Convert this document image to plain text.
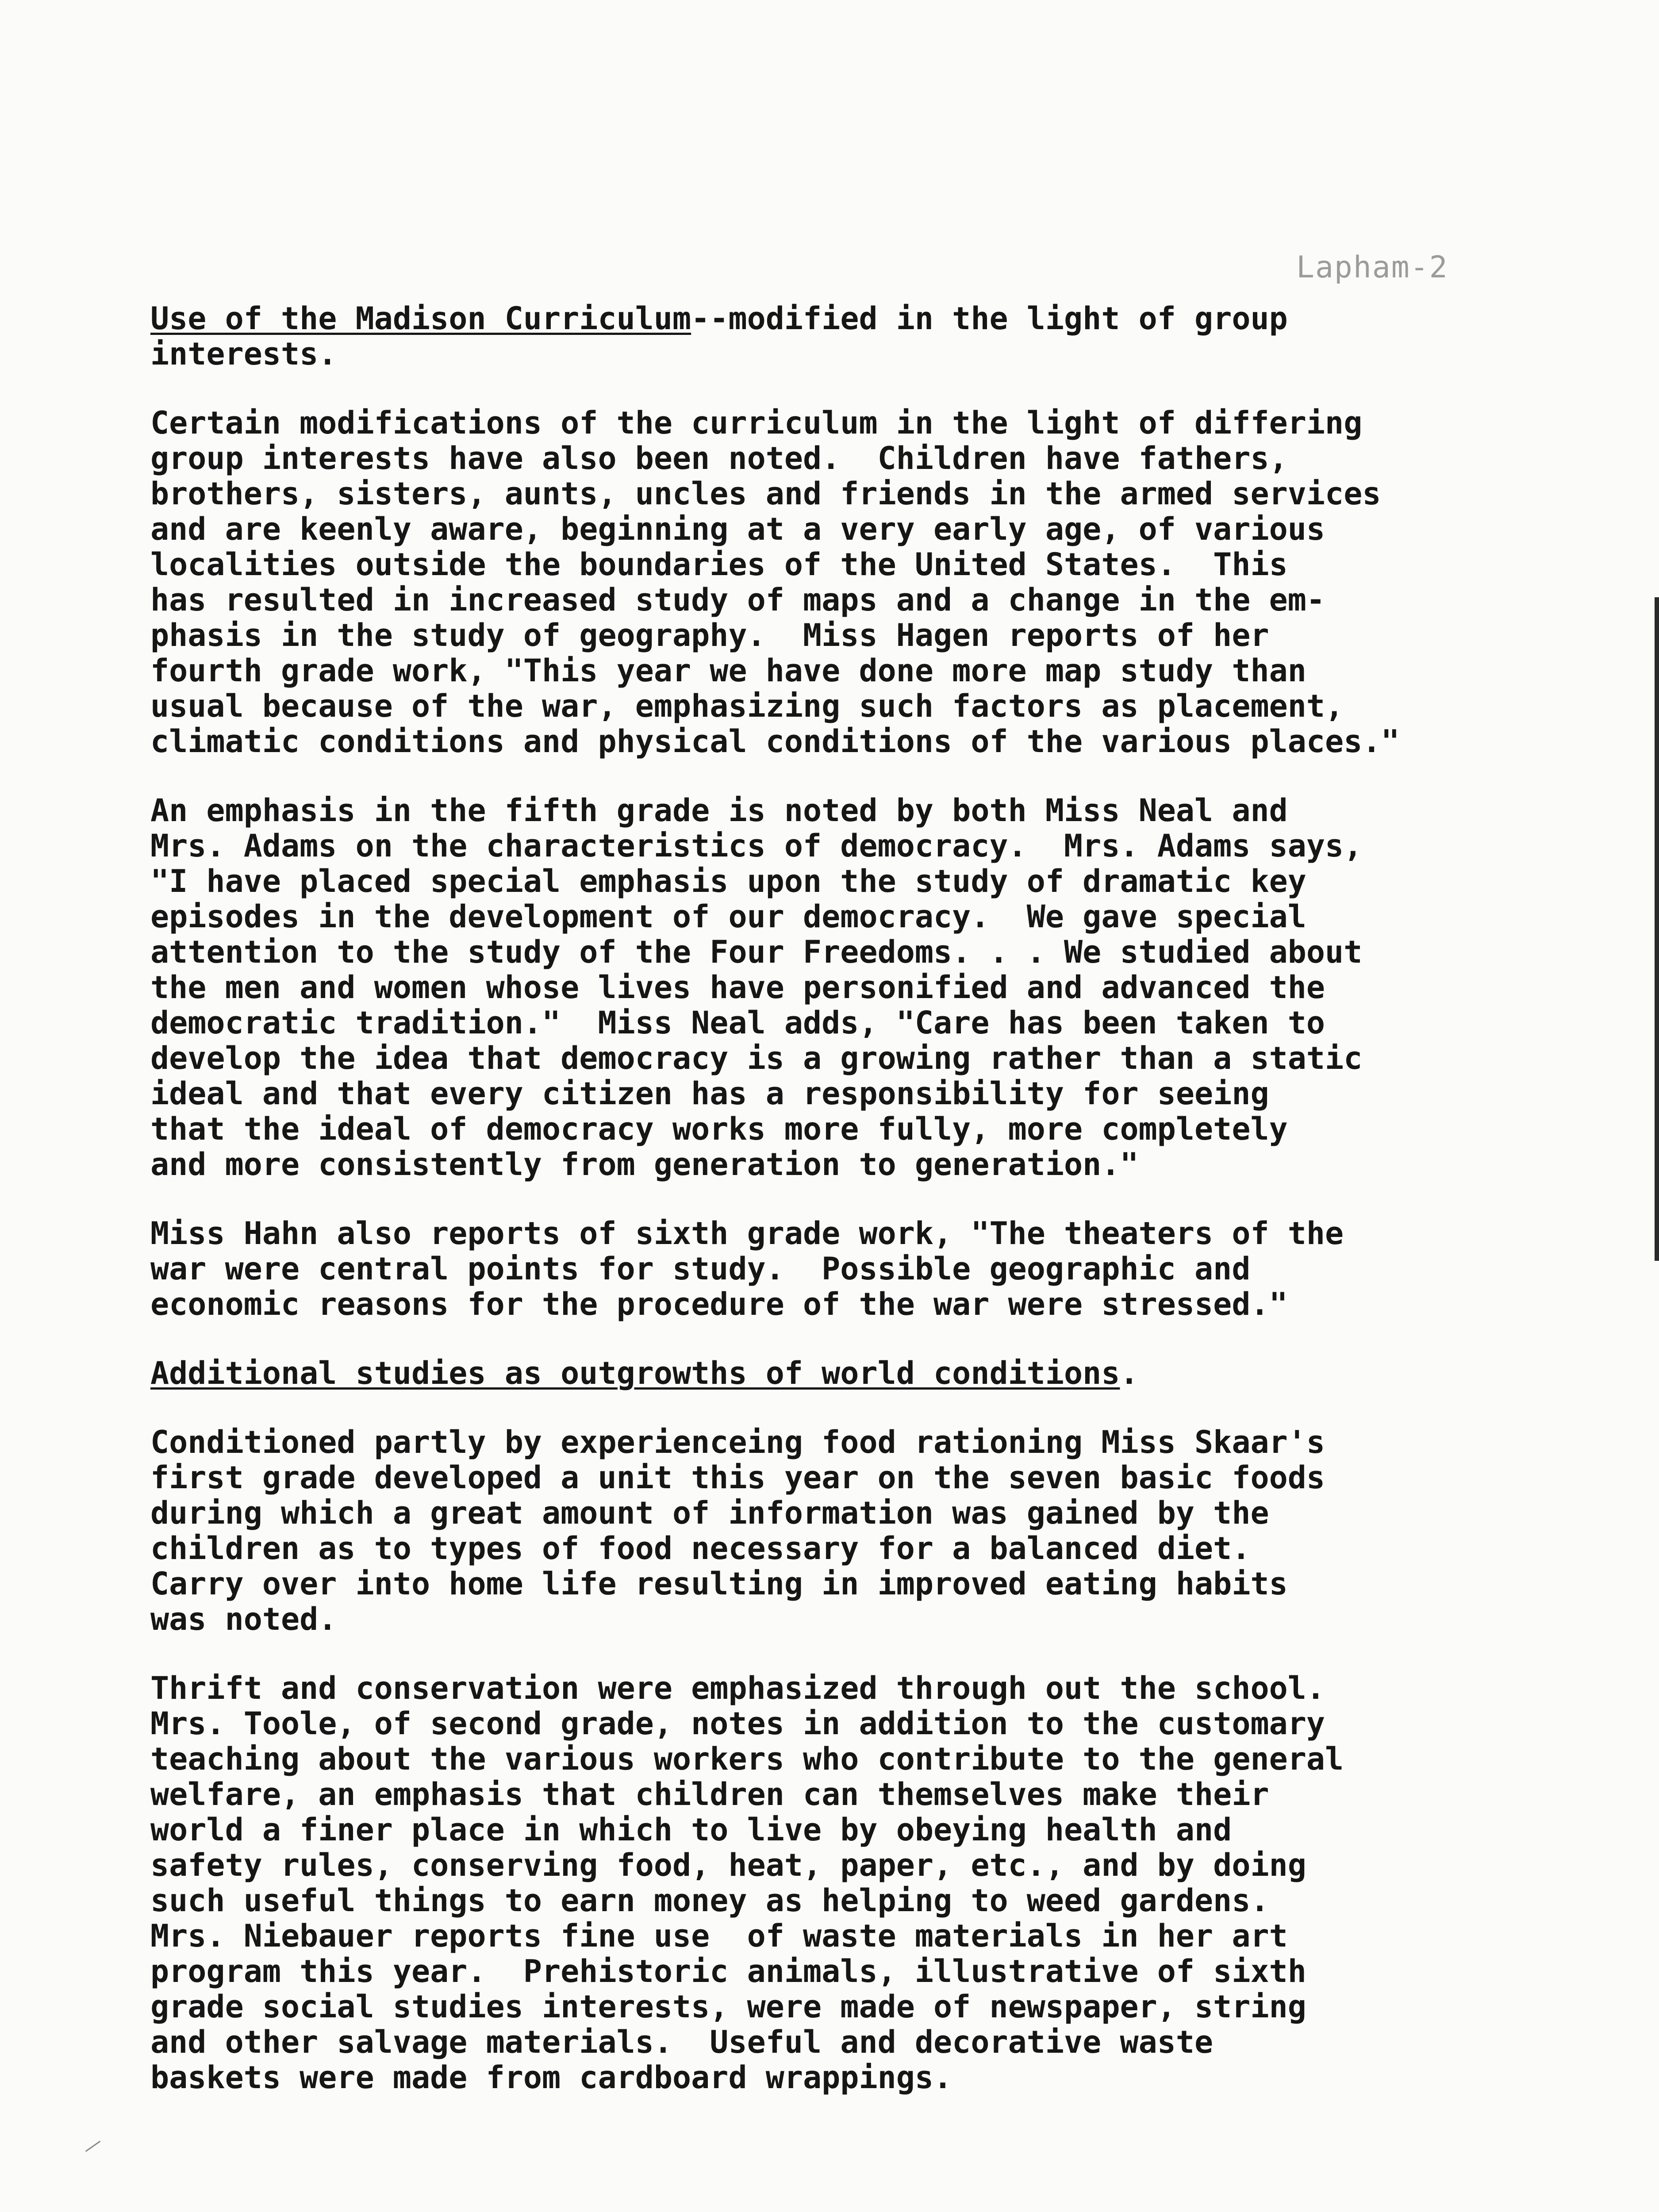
Lapham-2
Use of the Madison Curriculum--modified in the light of group
interests.
Certain modifications of the curriculum in the light of differing
group interests have also been noted.  Children have fathers,
brothers, sisters, aunts, uncles and friends in the armed services
and are keenly aware, beginning at a very early age, of various
localities outside the boundaries of the United States.  This
has resulted in increased study of maps and a change in the em-
phasis in the study of geography.  Miss Hagen reports of her
fourth grade work, "This year we have done more map study than
usual because of the war, emphasizing such factors as placement,
climatic conditions and physical conditions of the various places."
An emphasis in the fifth grade is noted by both Miss Neal and
Mrs. Adams on the characteristics of democracy.  Mrs. Adams says,
"I have placed special emphasis upon the study of dramatic key
episodes in the development of our democracy.  We gave special
attention to the study of the Four Freedoms. . . We studied about
the men and women whose lives have personified and advanced the
democratic tradition."  Miss Neal adds, "Care has been taken to
develop the idea that democracy is a growing rather than a static
ideal and that every citizen has a responsibility for seeing
that the ideal of democracy works more fully, more completely
and more consistently from generation to generation."
Miss Hahn also reports of sixth grade work, "The theaters of the
war were central points for study.  Possible geographic and
economic reasons for the procedure of the war were stressed."
Additional studies as outgrowths of world conditions.
Conditioned partly by experienceing food rationing Miss Skaar's
first grade developed a unit this year on the seven basic foods
during which a great amount of information was gained by the
children as to types of food necessary for a balanced diet.
Carry over into home life resulting in improved eating habits
was noted.
Thrift and conservation were emphasized through out the school.
Mrs. Toole, of second grade, notes in addition to the customary
teaching about the various workers who contribute to the general
welfare, an emphasis that children can themselves make their
world a finer place in which to live by obeying health and
safety rules, conserving food, heat, paper, etc., and by doing
such useful things to earn money as helping to weed gardens.
Mrs. Niebauer reports fine use  of waste materials in her art
program this year.  Prehistoric animals, illustrative of sixth
grade social studies interests, were made of newspaper, string
and other salvage materials.  Useful and decorative waste
baskets were made from cardboard wrappings.
